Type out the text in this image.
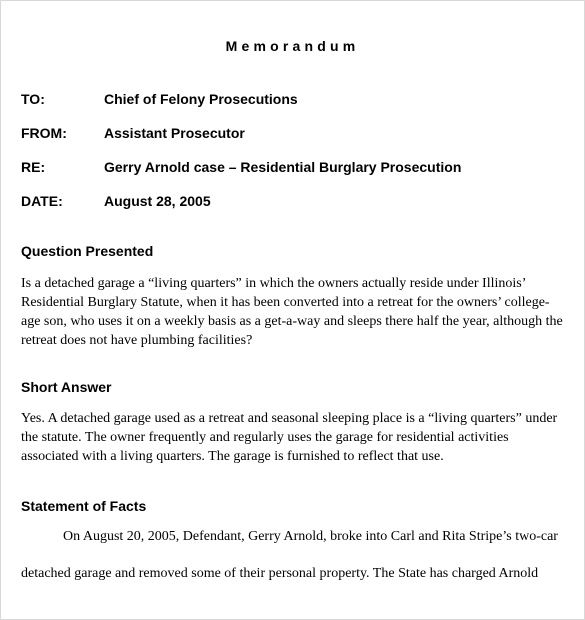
Memorandum
TO:	Chief of Felony Prosecutions
FROM:	Assistant Prosecutor
RE:	Gerry Arnold case – Residential Burglary Prosecution
DATE:	August 28, 2005
Question Presented
Is a detached garage a “living quarters” in which the owners actually reside under Illinois’
Residential Burglary Statute, when it has been converted into a retreat for the owners’ college-
age son, who uses it on a weekly basis as a get-a-way and sleeps there half the year, although the
retreat does not have plumbing facilities?
Short Answer
Yes. A detached garage used as a retreat and seasonal sleeping place is a “living quarters” under
the statute. The owner frequently and regularly uses the garage for residential activities
associated with a living quarters. The garage is furnished to reflect that use.
Statement of Facts
On August 20, 2005, Defendant, Gerry Arnold, broke into Carl and Rita Stripe’s two-car
detached garage and removed some of their personal property. The State has charged Arnold
